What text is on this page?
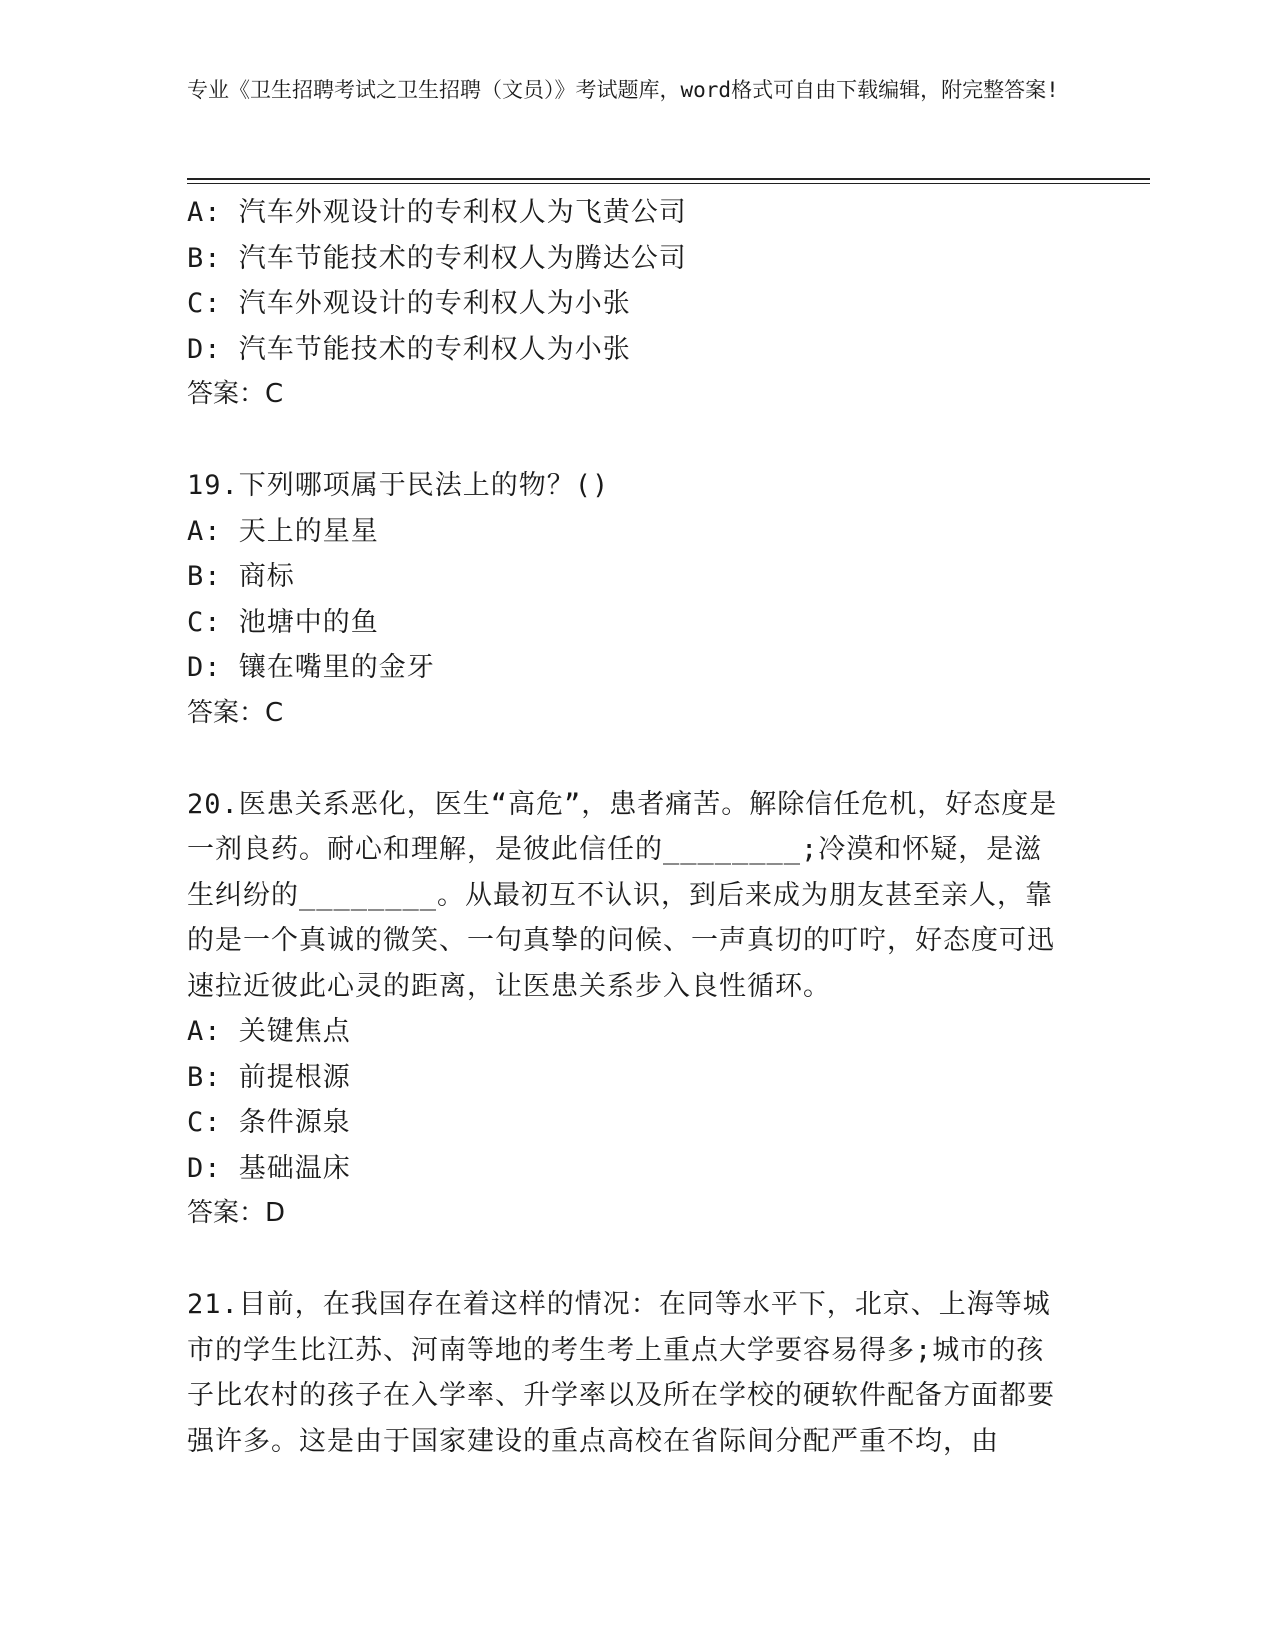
专业《卫生招聘考试之卫生招聘（文员）》考试题库，word格式可自由下载编辑，附完整答案!
A: 汽车外观设计的专利权人为飞黄公司
B: 汽车节能技术的专利权人为腾达公司
C: 汽车外观设计的专利权人为小张
D: 汽车节能技术的专利权人为小张
答案：C
19.下列哪项属于民法上的物？()
A: 天上的星星
B: 商标
C: 池塘中的鱼
D: 镶在嘴里的金牙
答案：C
20.医患关系恶化，医生“高危”，患者痛苦。解除信任危机，好态度是一剂良药。耐心和理解，是彼此信任的________;冷漠和怀疑，是滋生纠纷的________。从最初互不认识，到后来成为朋友甚至亲人，靠的是一个真诚的微笑、一句真挚的问候、一声真切的叮咛，好态度可迅速拉近彼此心灵的距离，让医患关系步入良性循环。
A: 关键焦点
B: 前提根源
C: 条件源泉
D: 基础温床
答案：D
21.目前，在我国存在着这样的情况：在同等水平下，北京、上海等城市的学生比江苏、河南等地的考生考上重点大学要容易得多;城市的孩子比农村的孩子在入学率、升学率以及所在学校的硬软件配备方面都要强许多。这是由于国家建设的重点高校在省际间分配严重不均，由
